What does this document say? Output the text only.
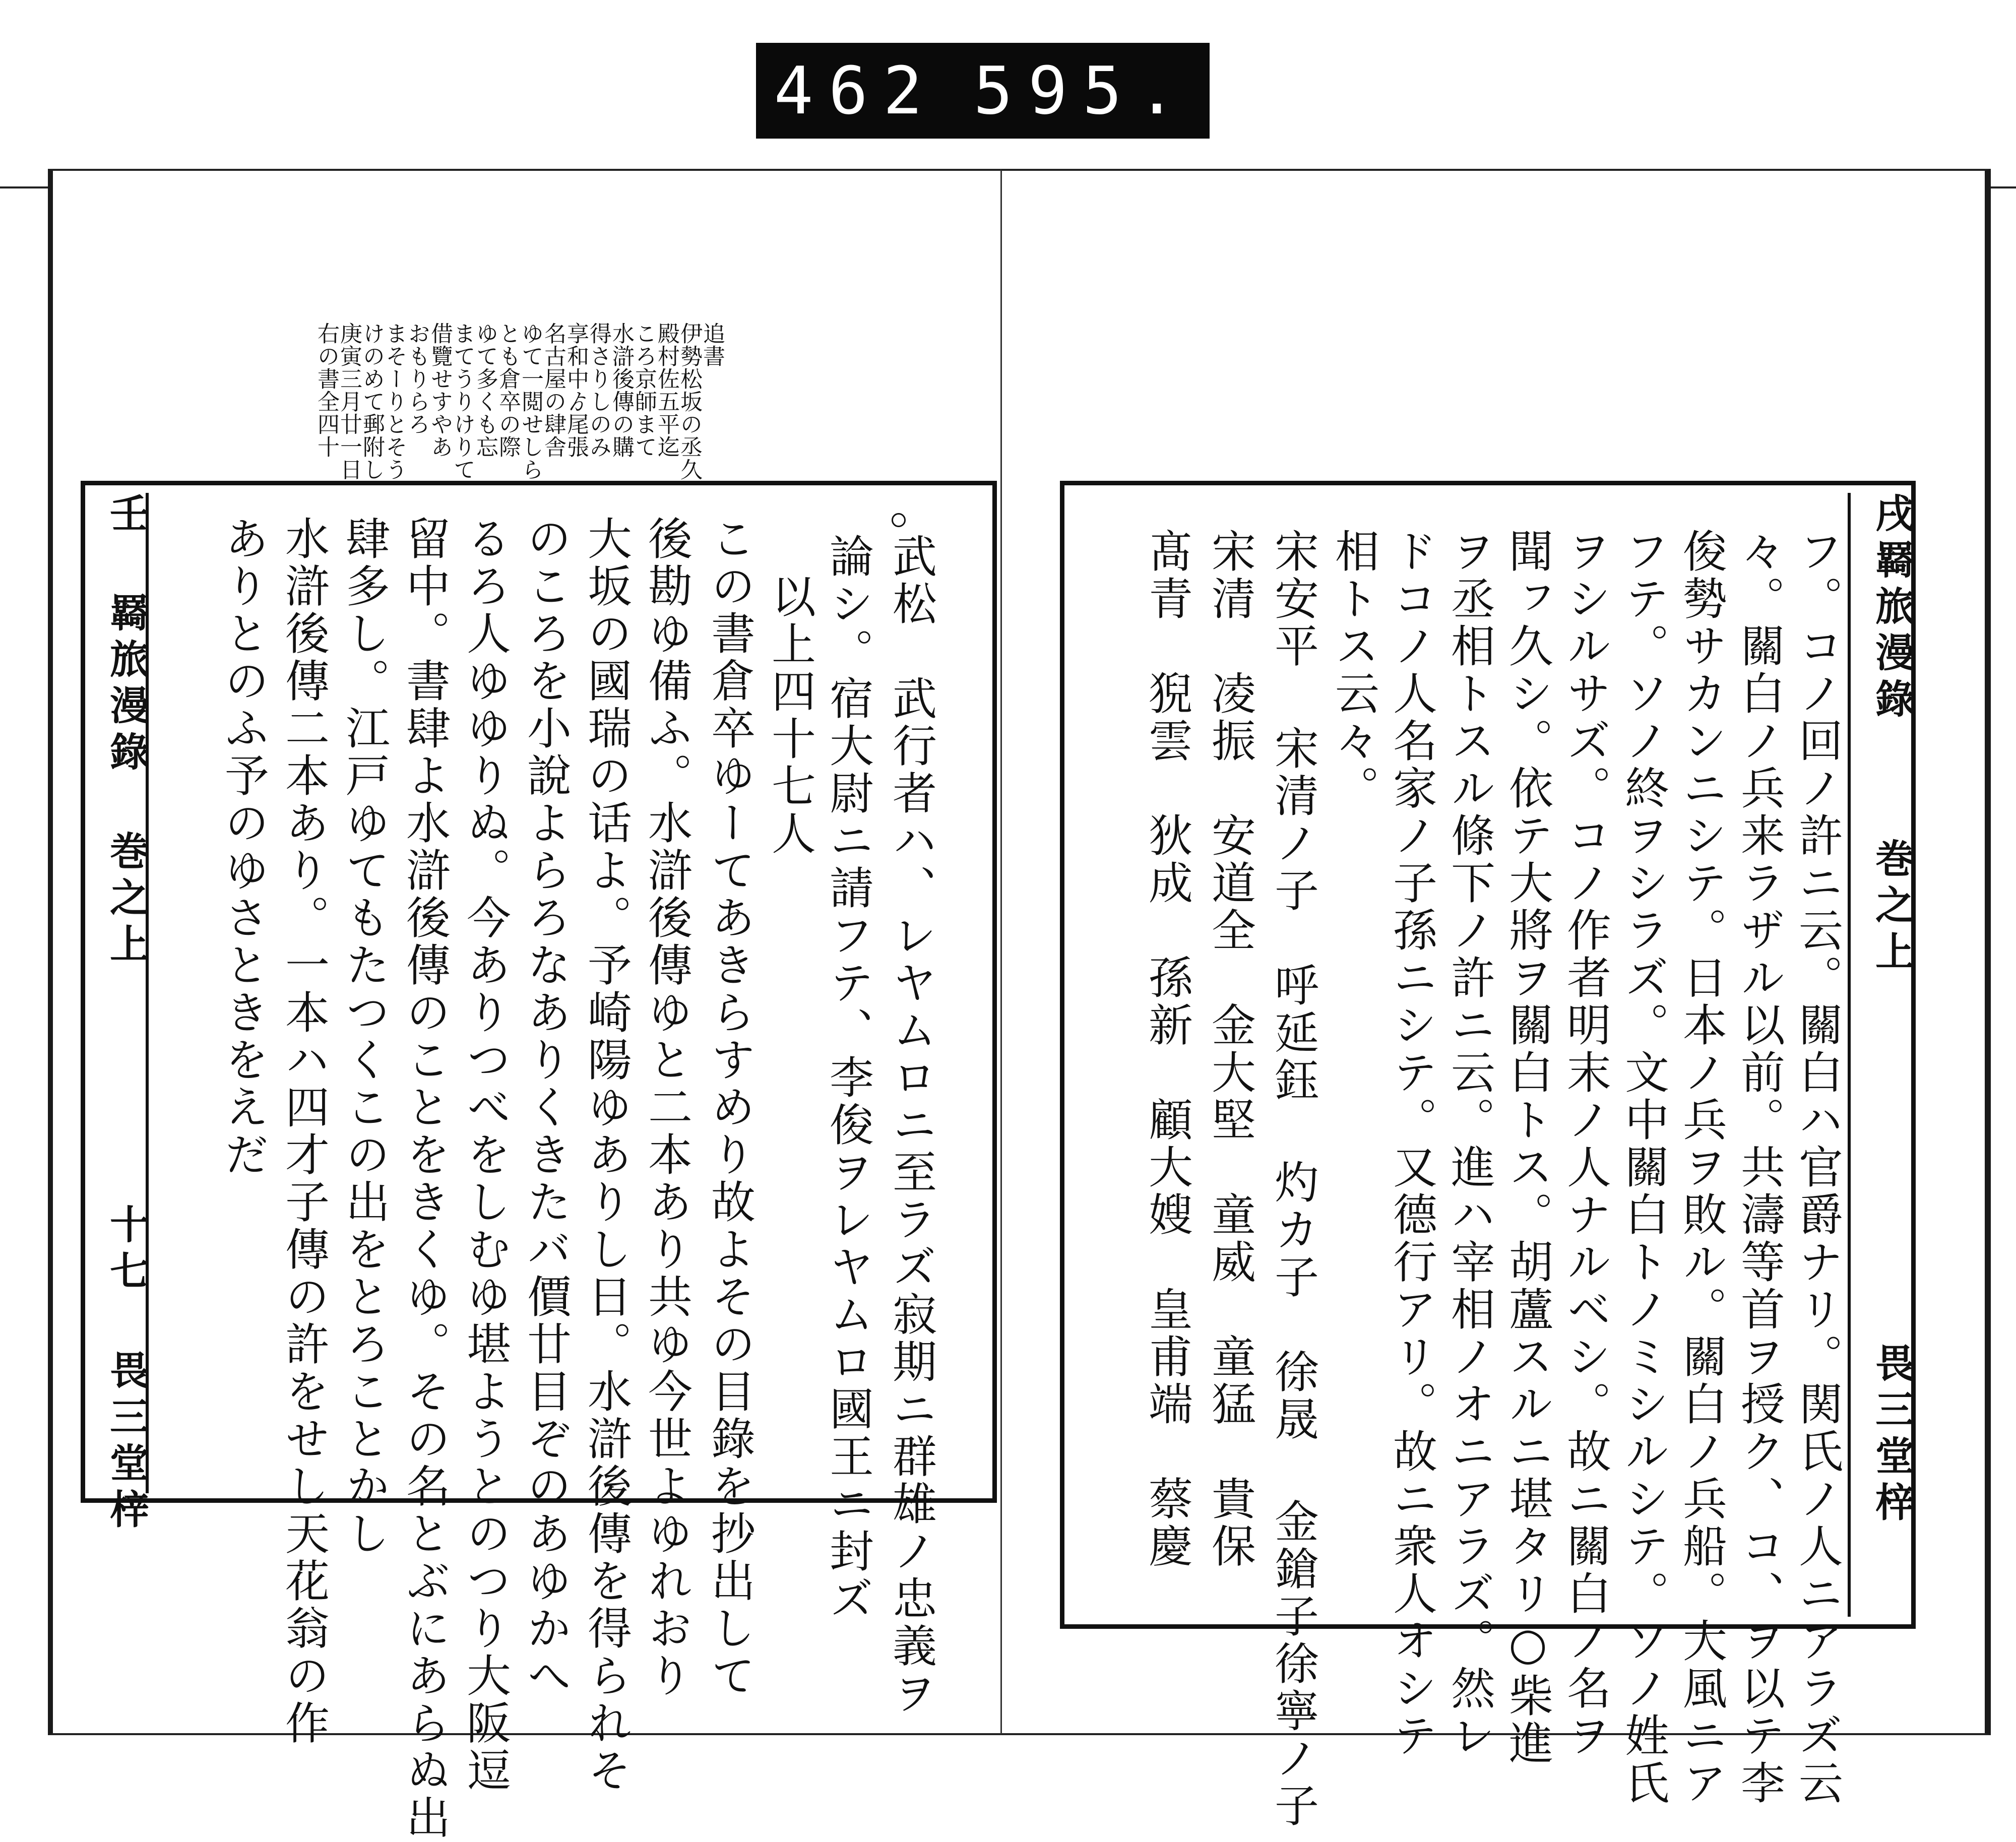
462 595.
追書
伊勢松坂の丞久
殿村佐五平迄
ころ京師まて
水滸後傳の購
得さりしのみ
享和中ゟ尾張
名古屋の肆舎
ゆて一閲せしら
とも倉卒の際
ゆて多くも忘
まてうりけりて
借覽せすやあ
おもりらろ
まそーりとそう
けのめて郵附し
庚寅三月廿一日
右の書全四十
武松　武行者ハ、レヤムロニ至ラズ寂期ニ群雄ノ忠義ヲ
論シ。宿大尉ニ請フテ、李俊ヲレヤムロ國王ニ封ズ
以上四十七人
この書倉卒ゆーてあきらすめり故よその目錄を抄出して
後勘ゆ備ふ。水滸後傳ゆと二本あり共ゆ今世よゆれおり
大坂の國瑞の话よ。予崎陽ゆありし日。水滸後傳を得られそ
のころを小說よらろなありくきたバ價廿目ぞのあゆかへ
るろ人ゆゆりぬ。今ありつべをしむゆ堪ようとのつり大阪逗
留中。書肆よ水滸後傳のことをきくゆ。その名とぶにあらぬ出
肆多し。江戸ゆてもたつくこの出をとろことかし
水滸後傳二本あり。一本ハ四才子傳の許をせし天花翁の作
ありとのふ予のゆさときをえだ
壬 羇旅漫錄 巻之上 十七 畏三堂梓	フ。コノ回ノ許ニ云。關白ハ官爵ナリ。関氏ノ人ニアラズ云
々。關白ノ兵来ラザル以前。共濤等首ヲ授ク、コ、ヲ以テ李
俊勢サカンニシテ。日本ノ兵ヲ敗ル。關白ノ兵船。大風ニア
フテ。ソノ終ヲシラズ。文中關白トノミシルシテ。ソノ姓氏
ヲシルサズ。コノ作者明末ノ人ナルベシ。故ニ關白ノ名ヲ
聞ㇷ久シ。依テ大將ヲ關白トス。胡蘆スルニ堪タリ○柴進
ヲ丞相トスル條下ノ許ニ云。進ハ宰相ノオニアラズ。然レ
ドコノ人名家ノ子孫ニシテ。又德行アリ。故ニ衆人オシテ
相トス云々。
宋安平 宋清ノ子　呼延鈺 灼カ子　徐晟 金鎗子徐寧ノ子
宋清　凌振　安道全　金大堅　童威　童猛　貴保
髙青　猊雲　狄成　孫新　顧大嫂　皇甫端　蔡慶	戌羇旅漫錄 巻之上 畏三堂梓
